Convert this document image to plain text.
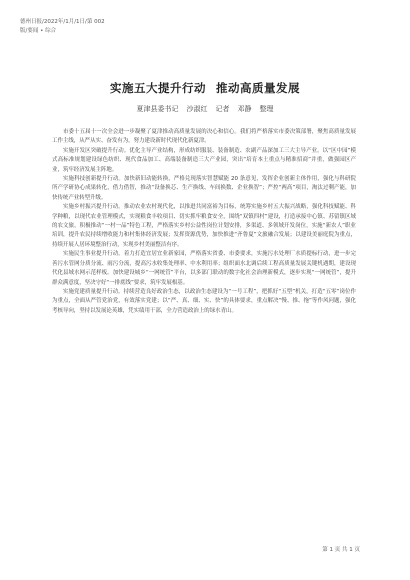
德州日报/2022年/1月/1日/第 002
版/要闻 • 综合
实施五大提升行动 推动高质量发展
夏津县委书记 沙淑红 记者 邓静 整理

市委十五届十一次全会进一步凝聚了夏津推动高质量发展的决心和信心。我们将严格落实市委决策部署，聚焦高质量发展工作主线，从严从实、奋发有为，努力建设新时代现代化新夏津。

实施开发区突破提升行动。优化主导产业结构，形成纺织服装、装备制造、农副产品深加工三大主导产业。以“区中园”模式高标准规划建设绿色纺织、现代食品加工、高端装备制造三大产业园，突出“培育本土重点与精准招商”并重，做强园区产业，筑牢经济发展主阵地。

实施科技创新提升行动。加快新旧动能转换，严格兑现落实智慧赋能 20 条意见，发挥企业创新主体作用，强化与科研院所产学研协心成果转化，借力借智，推动“设备换芯、生产换线、车间换数、企业换智”；严控“两高”项目，淘汰过剩产能，加快传统产业转型升级。

实施乡村振兴提升行动。推动农业农村现代化，以推进共同富裕为目标，统筹实施乡村五大振兴战略，强化科技赋能、科学种粮，以现代农业管理模式，实现粮食丰收项目、切实抓牢粮食安全，围绕“双镇四村”建设，打造承接中心镇、苏留镇区域的农文旅，积极推动“一村一品”特色工程，严格落实乡村公益性岗位计划安排，多渠道、多领域开发岗位，实施“新农人”职业培训，提升农民持续增收能力和村集体经济发展；发挥资源优势，加快推进“齐鲁夏”文旅融合发展；以建设美丽庭院为重点，持续开展人居环境整治行动，实现乡村美丽整洁有序。

实施民生事业提升行动。着力打造宜居宜业新家园，严格落实省委、市委要求，实施污水处理厂水质提标行动，进一步完善污水管网分质分流、雨污分流，提高污水收集处理率、中水利用率；组织面水北调后续工程高质量发展关键机遇期，建设现代化县域水网示范样板。加快建设城乡“一网统管”平台，以多部门联动的数字化社会治理新模式，逐步实现“一网统管”，提升群众满意度，坚决守好“一排底线”要求，筑牢发展根基。

实施党建质量提升行动。持续营造良好政治生态，以政治生态建设为“一号工程”，把抓好“五型”机关，打造“五零”岗位作为重点，全面从严管党治党，有效落实党建；以“严、真、细、实、快”的具体要求，重点解决“慢、推、拖”等作风问题，强化考核导向，坚持以发展论英雄，凭实绩用干部，全力营造政治上的绿水青山。

第 1 页 共 1 页
